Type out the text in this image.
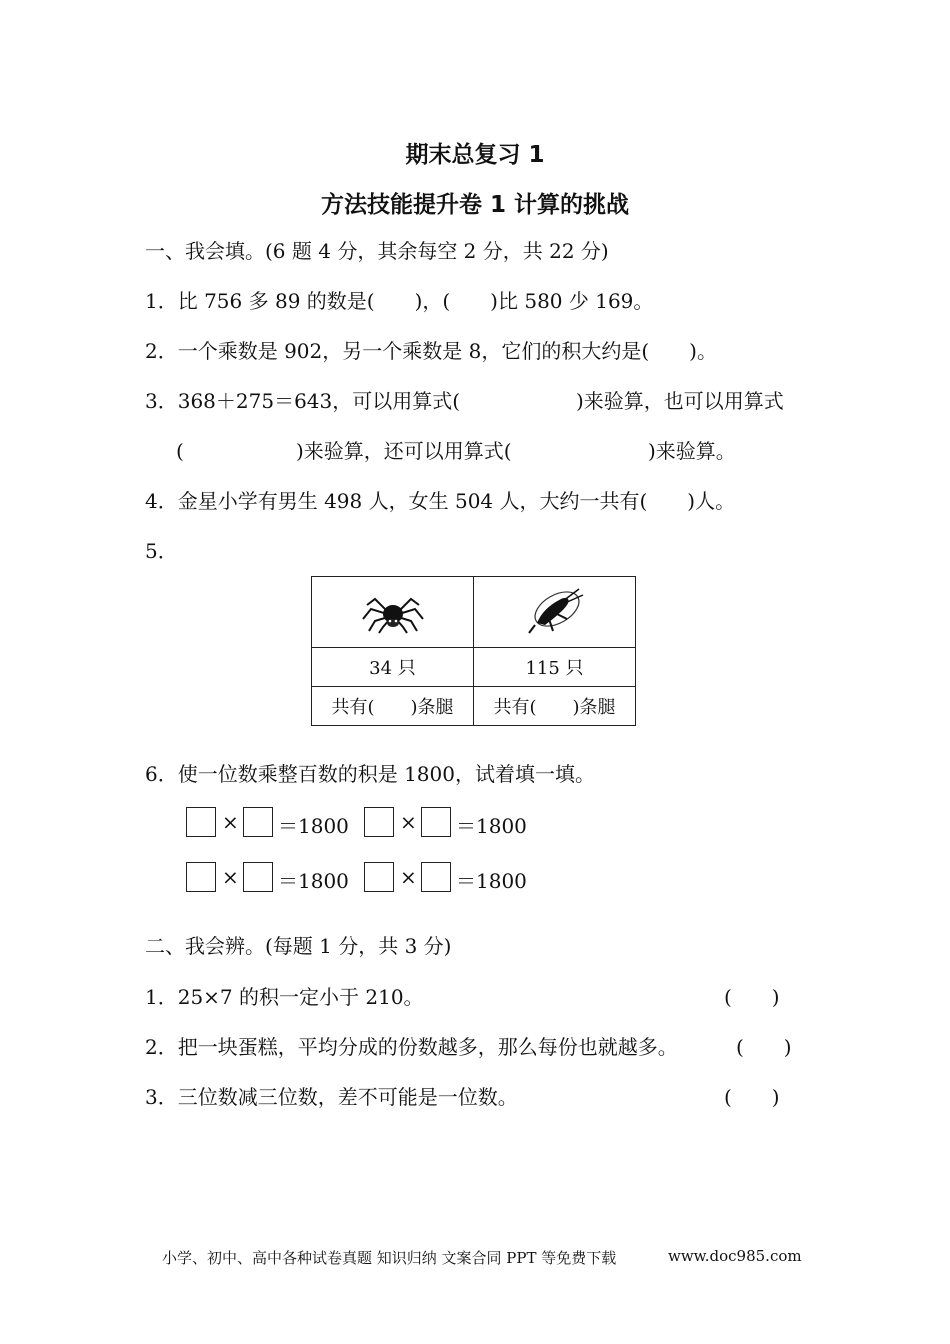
期末总复习 1
方法技能提升卷 1 计算的挑战
一、我会填。(6 题 4 分，其余每空 2 分，共 22 分)
1．比 756 多 89 的数是(　　)，(　　)比 580 少 169。
2．一个乘数是 902，另一个乘数是 8，它们的积大约是(　　)。
3．368＋275＝643，可以用算式(	)来验算，也可以用算式
(	)来验算，还可以用算式(	)来验算。
4．金星小学有男生 498 人，女生 504 人，大约一共有(　　)人。
5．

34 只	115 只
共有(　　)条腿	共有(　　)条腿
6．使一位数乘整百数的积是 1800，试着填一填。
× ＝1800	× ＝1800
× ＝1800	× ＝1800
二、我会辨。(每题 1 分，共 3 分)
1．25×7 的积一定小于 210。	(　　)
2．把一块蛋糕，平均分成的份数越多，那么每份也就越多。	(　　)
3．三位数减三位数，差不可能是一位数。	(　　)
小学、初中、高中各种试卷真题 知识归纳 文案合同 PPT 等免费下载	www.doc985.com
